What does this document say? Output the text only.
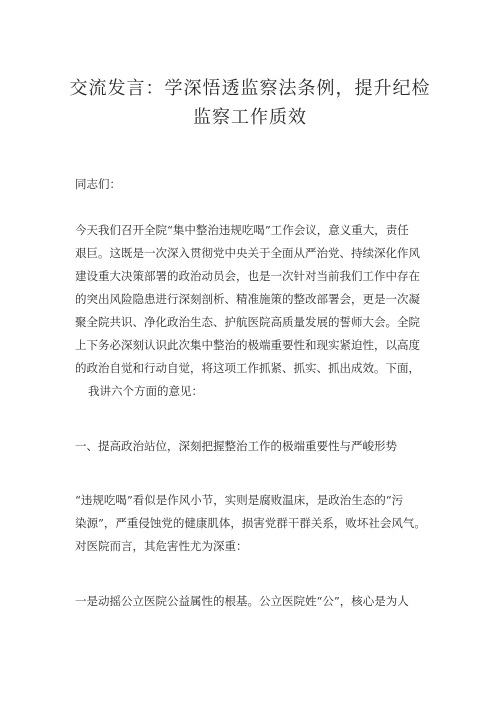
交流发言：学深悟透监察法条例，提升纪检
监察工作质效
同志们：
今天我们召开全院“集中整治违规吃喝”工作会议，意义重大，责任
艰巨。这既是一次深入贯彻党中央关于全面从严治党、持续深化作风
建设重大决策部署的政治动员会，也是一次针对当前我们工作中存在
的突出风险隐患进行深刻剖析、精准施策的整改部署会，更是一次凝
聚全院共识、净化政治生态、护航医院高质量发展的誓师大会。全院
上下务必深刻认识此次集中整治的极端重要性和现实紧迫性，以高度
的政治自觉和行动自觉，将这项工作抓紧、抓实、抓出成效。下面，
我讲六个方面的意见：
一、提高政治站位，深刻把握整治工作的极端重要性与严峻形势
“违规吃喝”看似是作风小节，实则是腐败温床，是政治生态的“污
染源”，严重侵蚀党的健康肌体，损害党群干群关系，败坏社会风气。
对医院而言，其危害性尤为深重：
一是动摇公立医院公益属性的根基。公立医院姓“公”，核心是为人
